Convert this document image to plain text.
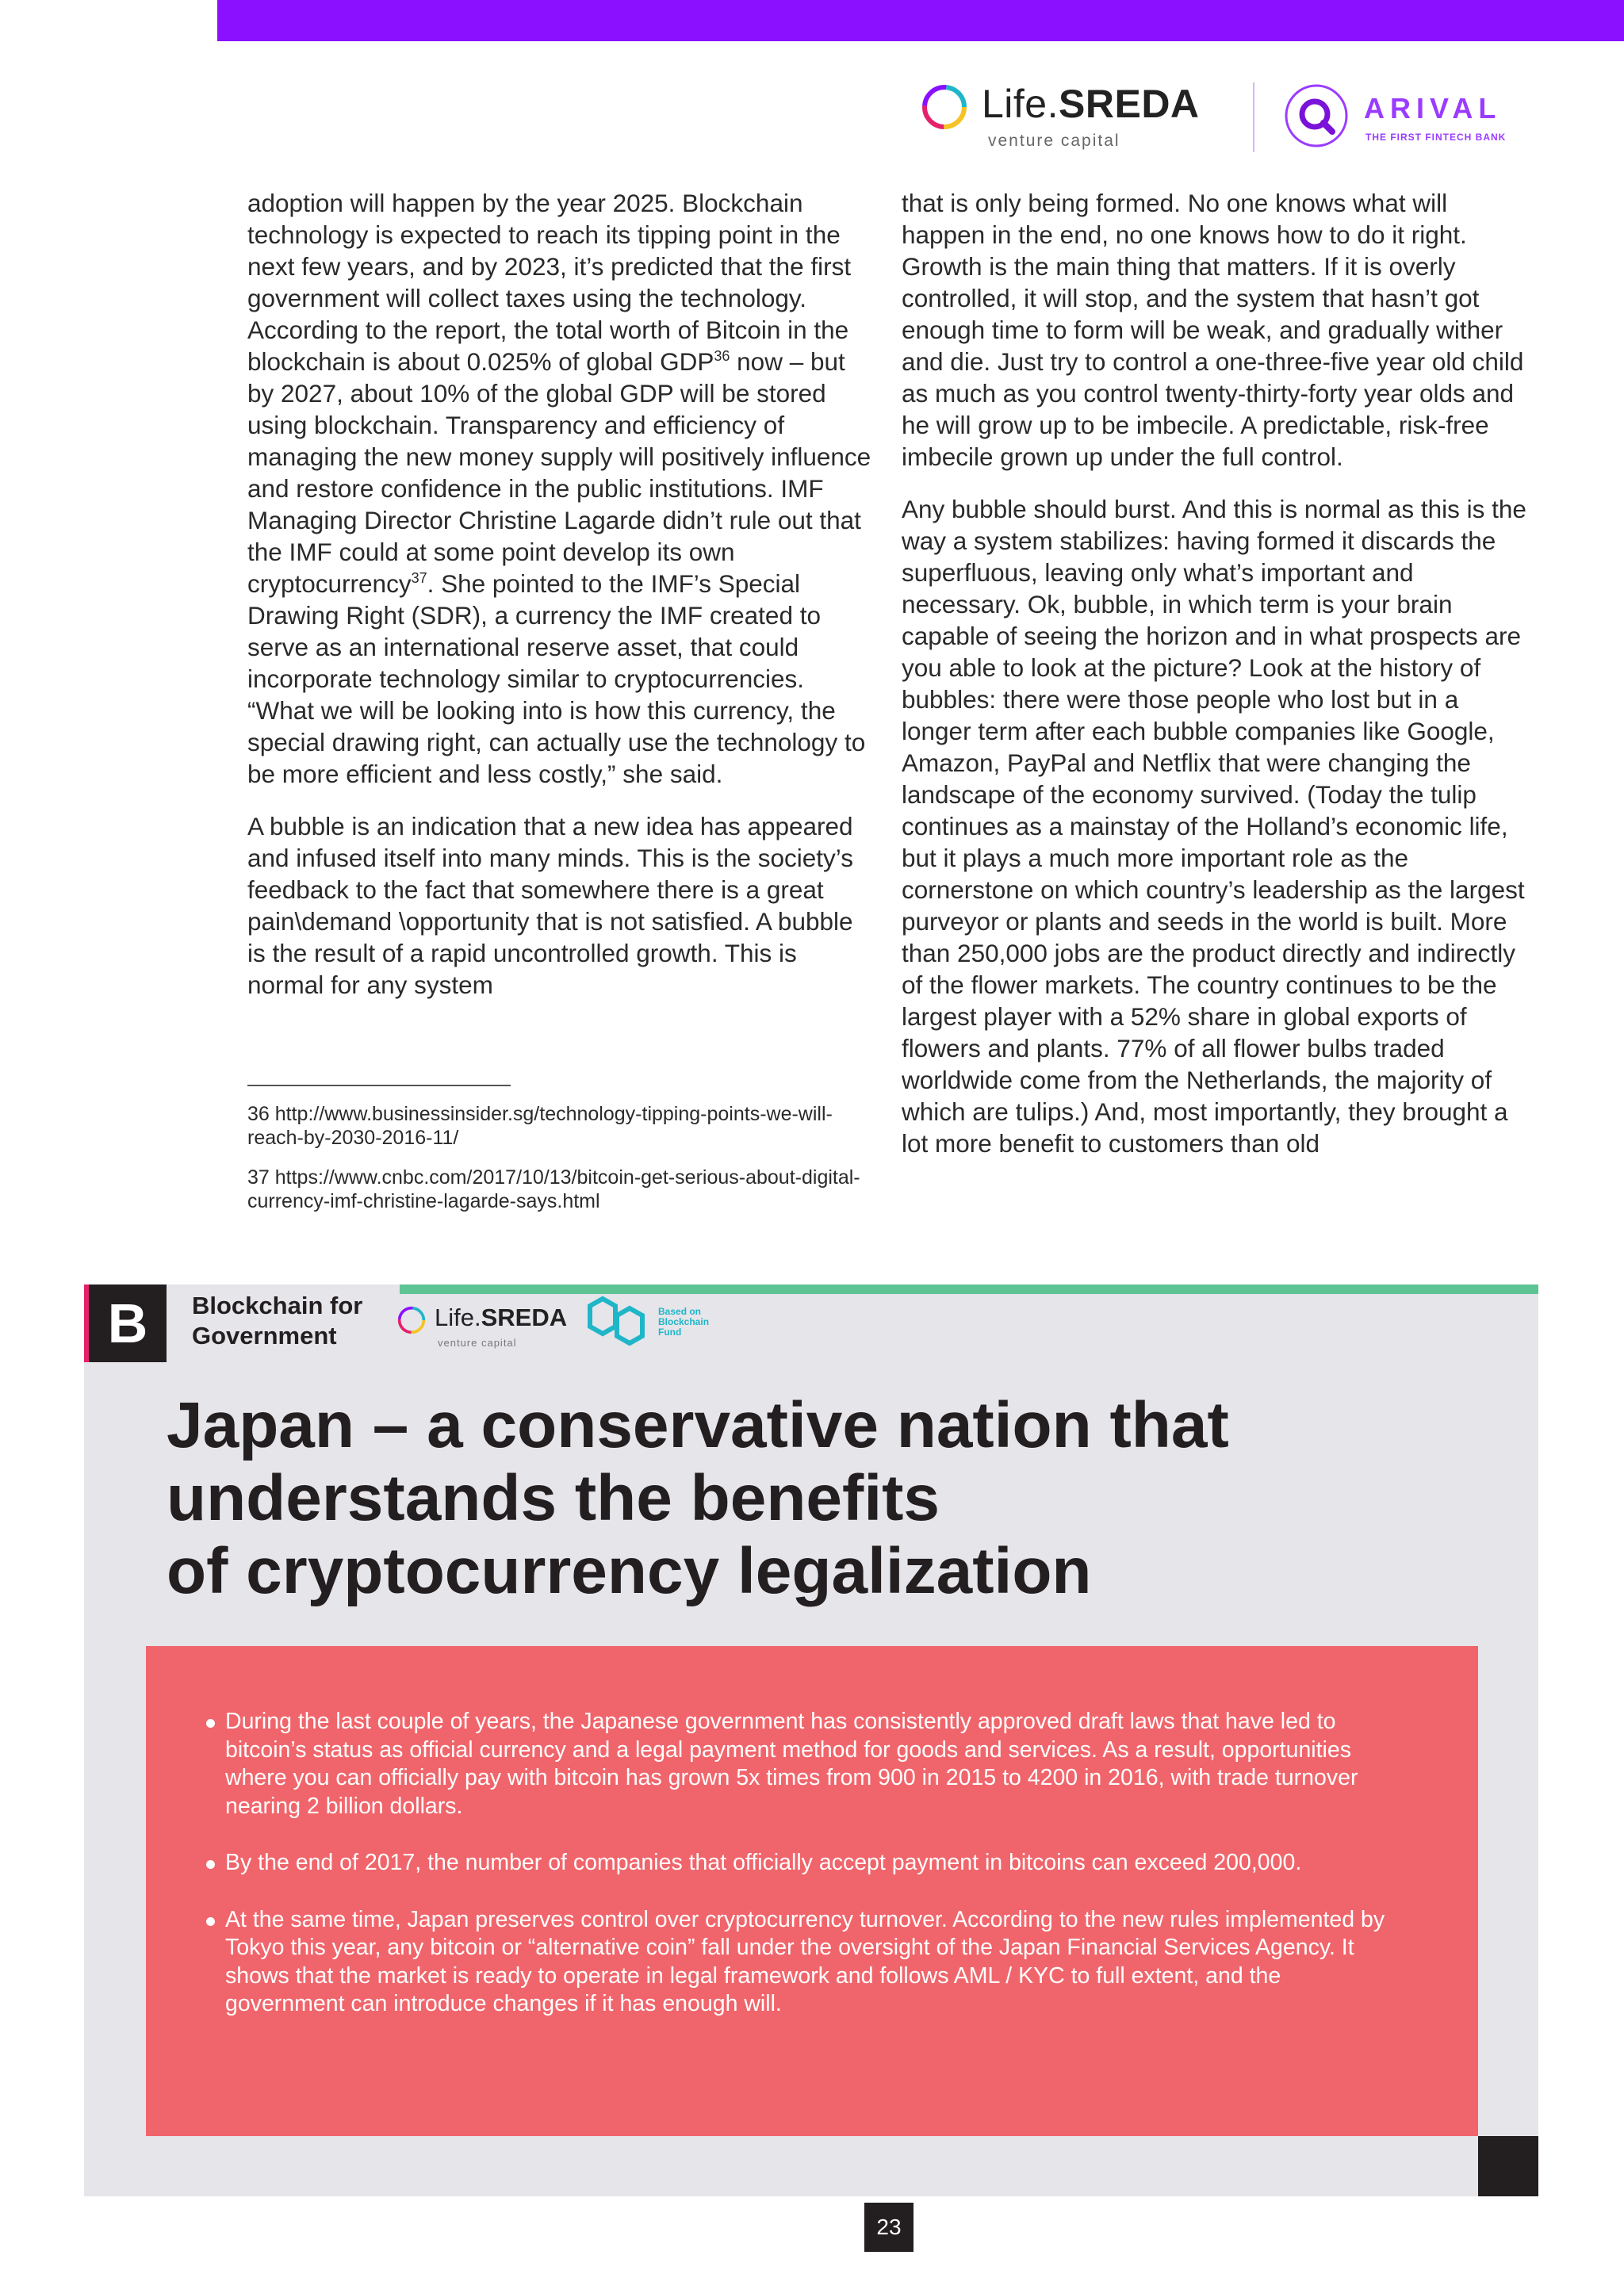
Life.SREDA
venture capital
ARIVAL
THE FIRST FINTECH BANK

adoption will happen by the year 2025. Blockchain technology is expected to reach its tipping point in the next few years, and by 2023, it’s predicted that the first government will collect taxes using the technology. According to the report, the total worth of Bitcoin in the blockchain is about 0.025% of global GDP$^{36}$ now – but by 2027, about 10% of the global GDP will be stored using blockchain. Transparency and efficiency of managing the new money supply will positively influence and restore confidence in the public institutions. IMF Managing Director Christine Lagarde didn’t rule out that the IMF could at some point develop its own cryptocurrency$^{37}$. She pointed to the IMF’s Special Drawing Right (SDR), a currency the IMF created to serve as an international reserve asset, that could incorporate technology similar to cryptocurrencies. “What we will be looking into is how this currency, the special drawing right, can actually use the technology to be more efficient and less costly,” she said.

A bubble is an indication that a new idea has appeared and infused itself into many minds. This is the society’s feedback to the fact that somewhere there is a great pain\demand \opportunity that is not satisfied. A bubble is the result of a rapid uncontrolled growth. This is normal for any system

36 http://www.businessinsider.sg/technology-tipping-points-we-will-reach-by-2030-2016-11/

37 https://www.cnbc.com/2017/10/13/bitcoin-get-serious-about-digital-currency-imf-christine-lagarde-says.html

that is only being formed. No one knows what will happen in the end, no one knows how to do it right. Growth is the main thing that matters. If it is overly controlled, it will stop, and the system that hasn’t got enough time to form will be weak, and gradually wither and die. Just try to control a one-three-five year old child as much as you control twenty-thirty-forty year olds and he will grow up to be imbecile. A predictable, risk-free imbecile grown up under the full control.

Any bubble should burst. And this is normal as this is the way a system stabilizes: having formed it discards the superfluous, leaving only what’s important and necessary. Ok, bubble, in which term is your brain capable of seeing the horizon and in what prospects are you able to look at the picture? Look at the history of bubbles: there were those people who lost but in a longer term after each bubble companies like Google, Amazon, PayPal and Netflix that were changing the landscape of the economy survived. (Today the tulip continues as a mainstay of the Holland’s economic life, but it plays a much more important role as the cornerstone on which country’s leadership as the largest purveyor or plants and seeds in the world is built. More than 250,000 jobs are the product directly and indirectly of the flower markets. The country continues to be the largest player with a 52% share in global exports of flowers and plants. 77% of all flower bulbs traded worldwide come from the Netherlands, the majority of which are tulips.) And, most importantly, they brought a lot more benefit to customers than old

B	Blockchain for
Government
Life.SREDA
venture capital
Based on
Blockchain
Fund
Japan – a conservative nation that
understands the benefits
of cryptocurrency legalization
During the last couple of years, the Japanese government has consistently approved draft laws that have led to bitcoin’s status as official currency and a legal payment method for goods and services. As a result, opportunities where you can officially pay with bitcoin has grown 5x times from 900 in 2015 to 4200 in 2016, with trade turnover nearing 2 billion dollars.
By the end of 2017, the number of companies that officially accept payment in bitcoins can exceed 200,000.
At the same time, Japan preserves control over cryptocurrency turnover. According to the new rules implemented by Tokyo this year, any bitcoin or “alternative coin” fall under the oversight of the Japan Financial Services Agency. It shows that the market is ready to operate in legal framework and follows AML / KYC to full extent, and the government can introduce changes if it has enough will.
23
